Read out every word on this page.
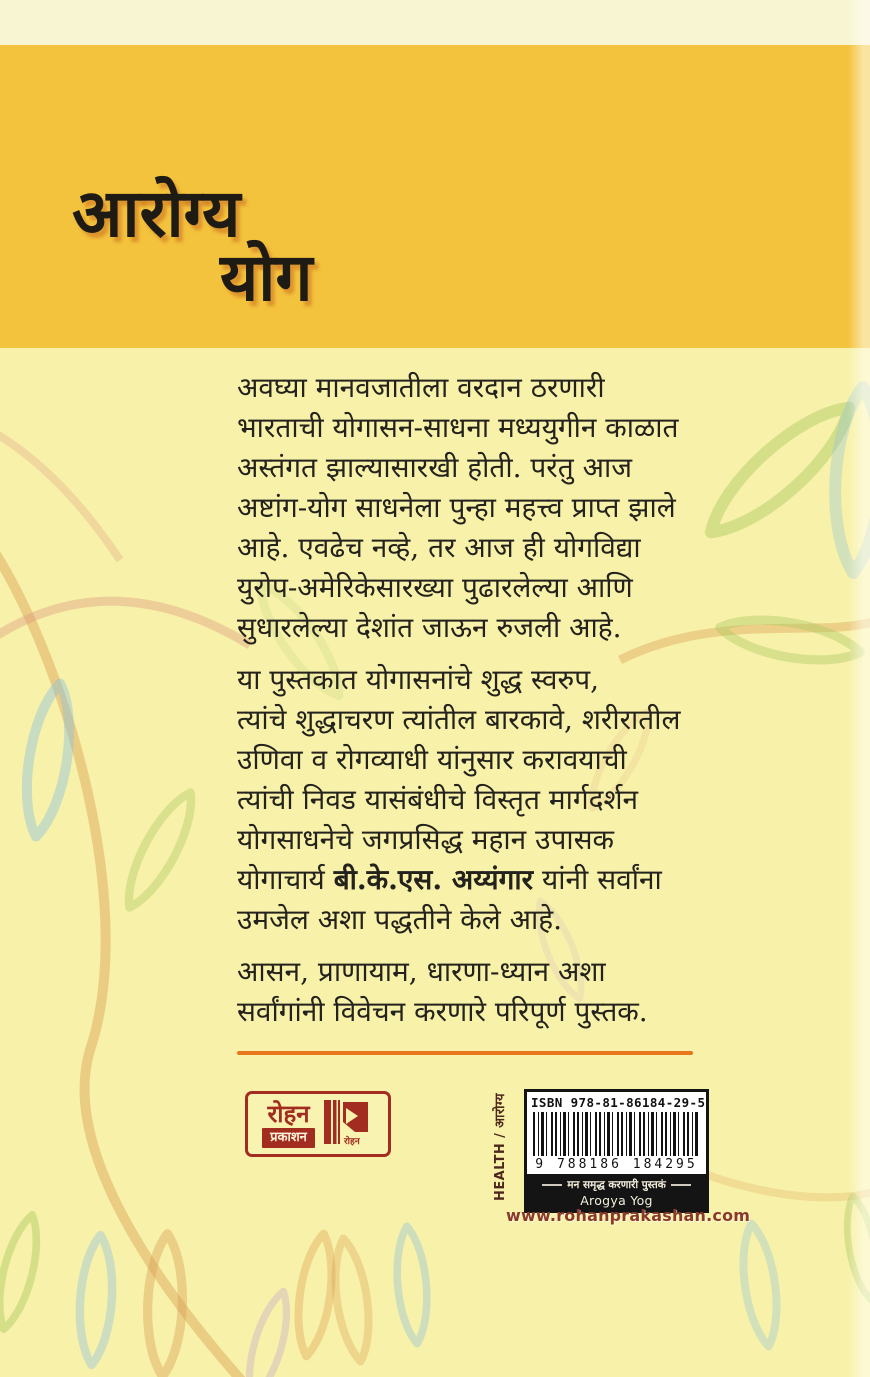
आरोग्य
योग
अवघ्या मानवजातीला वरदान ठरणारी
भारताची योगासन-साधना मध्ययुगीन काळात
अस्तंगत झाल्यासारखी होती. परंतु आज
अष्टांग-योग साधनेला पुन्हा महत्त्व प्राप्त झाले
आहे. एवढेच नव्हे, तर आज ही योगविद्या
युरोप-अमेरिकेसारख्या पुढारलेल्या आणि
सुधारलेल्या देशांत जाऊन रुजली आहे.
या पुस्तकात योगासनांचे शुद्ध स्वरुप,
त्यांचे शुद्धाचरण त्यांतील बारकावे, शरीरातील
उणिवा व रोगव्याधी यांनुसार करावयाची
त्यांची निवड यासंबंधीचे विस्तृत मार्गदर्शन
योगसाधनेचे जगप्रसिद्ध महान उपासक
योगाचार्य बी.के.एस. अय्यंगार यांनी सर्वांना
उमजेल अशा पद्धतीने केले आहे.
आसन, प्राणायाम, धारणा-ध्यान अशा
सर्वांगांनी विवेचन करणारे परिपूर्ण पुस्तक.
रोहन
प्रकाशन	रोहन
ISBN 978-81-86184-29-5
9 788186 184295
मन समृद्ध करणारी पुस्तकं
Arogya Yog
www.rohanprakashan.com
HEALTH / आरोग्य
